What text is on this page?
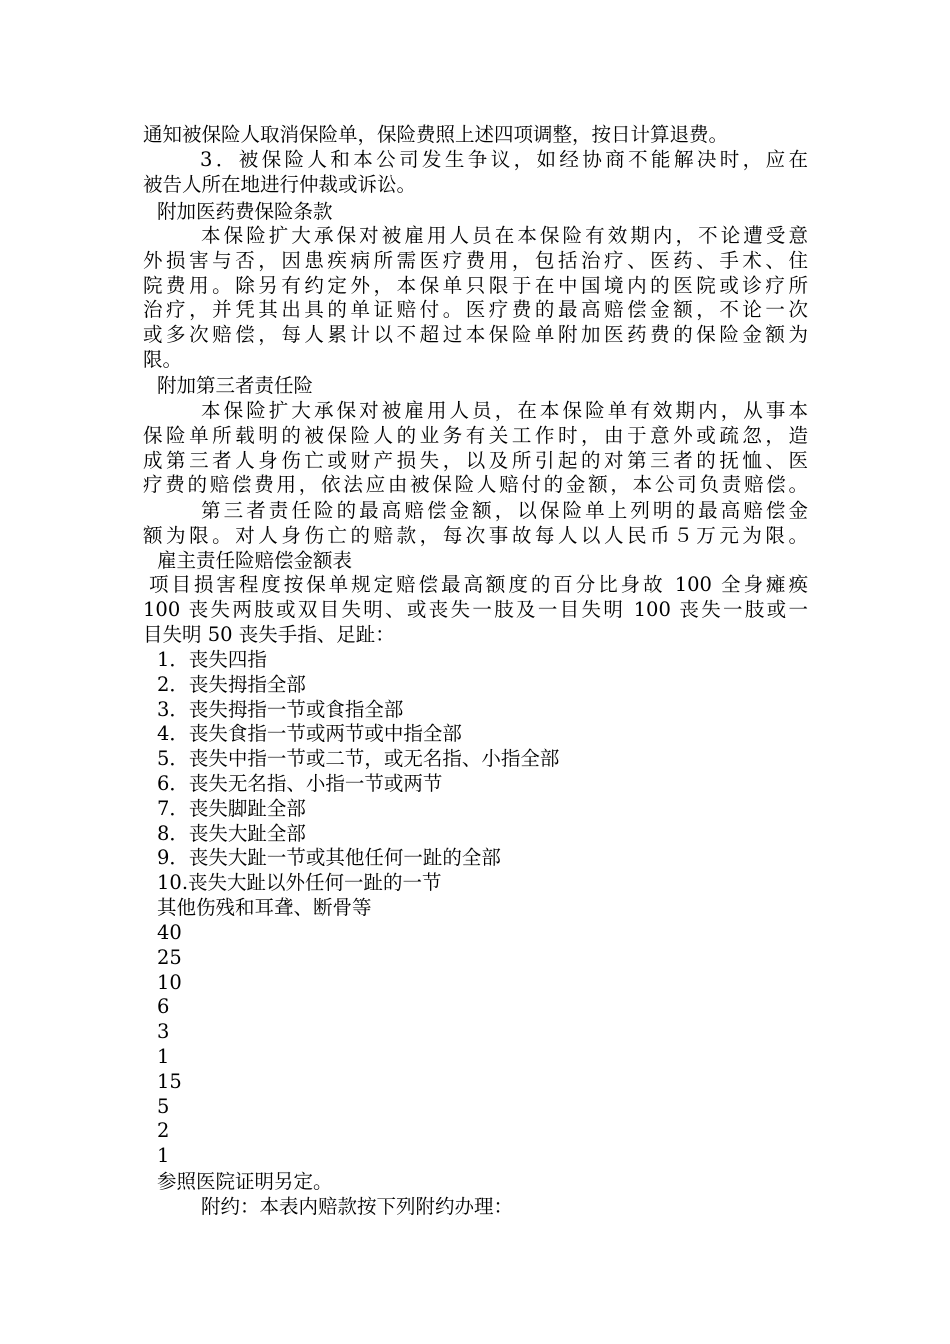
通知被保险人取消保险单，保险费照上述四项调整，按日计算退费。
3．被保险人和本公司发生争议，如经协商不能解决时，应在
被告人所在地进行仲裁或诉讼。
附加医药费保险条款
本保险扩大承保对被雇用人员在本保险有效期内，不论遭受意
外损害与否，因患疾病所需医疗费用，包括治疗、医药、手术、住
院费用。除另有约定外，本保单只限于在中国境内的医院或诊疗所
治疗，并凭其出具的单证赔付。医疗费的最高赔偿金额，不论一次
或多次赔偿，每人累计以不超过本保险单附加医药费的保险金额为
限。
附加第三者责任险
本保险扩大承保对被雇用人员，在本保险单有效期内，从事本
保险单所载明的被保险人的业务有关工作时，由于意外或疏忽，造
成第三者人身伤亡或财产损失，以及所引起的对第三者的抚恤、医
疗费的赔偿费用，依法应由被保险人赔付的金额，本公司负责赔偿。
第三者责任险的最高赔偿金额，以保险单上列明的最高赔偿金
额为限。对人身伤亡的赔款，每次事故每人以人民币５万元为限。
雇主责任险赔偿金额表
项目损害程度按保单规定赔偿最高额度的百分比身故 100 全身瘫痪
100 丧失两肢或双目失明、或丧失一肢及一目失明 100 丧失一肢或一
目失明 50 丧失手指、足趾：
1．丧失四指
2．丧失拇指全部
3．丧失拇指一节或食指全部
4．丧失食指一节或两节或中指全部
5．丧失中指一节或二节，或无名指、小指全部
6．丧失无名指、小指一节或两节
7．丧失脚趾全部
8．丧失大趾全部
9．丧失大趾一节或其他任何一趾的全部
10.丧失大趾以外任何一趾的一节
其他伤残和耳聋、断骨等
40
25
10
6
3
1
15
5
2
1
参照医院证明另定。
附约：本表内赔款按下列附约办理：
